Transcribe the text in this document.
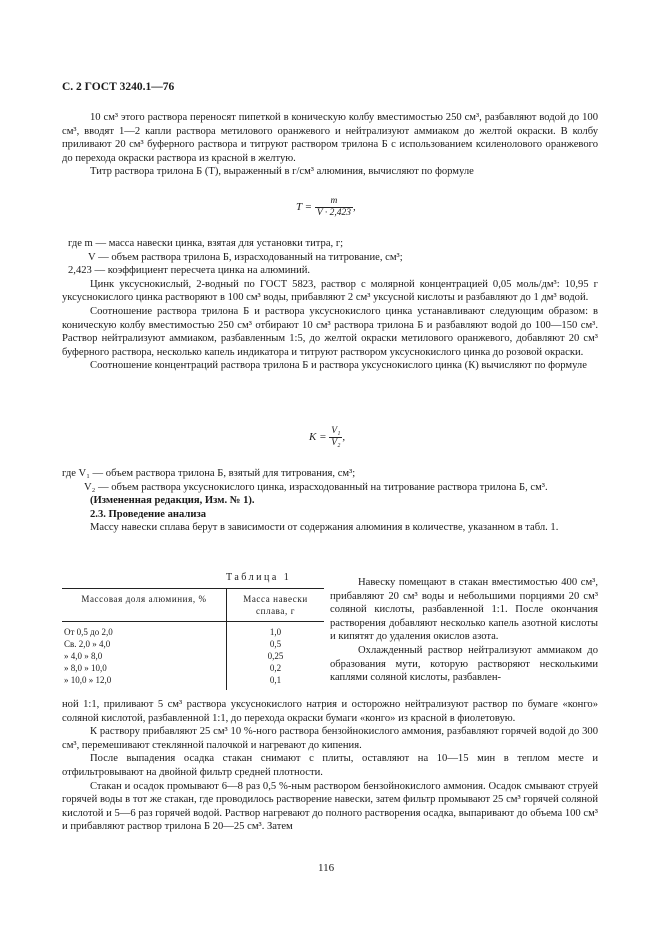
С. 2 ГОСТ 3240.1—76

10 см³ этого раствора переносят пипеткой в коническую колбу вместимостью 250 см³, разбавляют водой до 100 см³, вводят 1—2 капли раствора метилового оранжевого и нейтрализуют аммиаком до желтой окраски. В колбу приливают 20 см³ буферного раствора и титруют раствором трилона Б с использованием ксиленолового оранжевого до перехода окраски раствора из красной в желтую.

Титр раствора трилона Б (Т), выраженный в г/см³ алюминия, вычисляют по формуле

$T = \frac{m}{V \cdot 2,423}$ ,

где m — масса навески цинка, взятая для установки титра, г;

V — объем раствора трилона Б, израсходованный на титрование, см³;

2,423 — коэффициент пересчета цинка на алюминий.

Цинк уксуснокислый, 2-водный по ГОСТ 5823, раствор с молярной концентрацией 0,05 моль/дм³: 10,95 г уксуснокислого цинка растворяют в 100 см³ воды, прибавляют 2 см³ уксусной кислоты и разбавляют до 1 дм³ водой.

Соотношение раствора трилона Б и раствора уксуснокислого цинка устанавливают следующим образом: в коническую колбу вместимостью 250 см³ отбирают 10 см³ раствора трилона Б и разбавляют водой до 100—150 см³. Раствор нейтрализуют аммиаком, разбавленным 1:5, до желтой окраски метилового оранжевого, добавляют 20 см³ буферного раствора, несколько капель индикатора и титруют раствором уксуснокислого цинка до розовой окраски.

Соотношение концентраций раствора трилона Б и раствора уксуснокислого цинка (К) вычисляют по формуле

$K = \frac{\text{V₁}}{\text{V₂}}$ ,

где V₁ — объем раствора трилона Б, взятый для титрования, см³;

V₂ — объем раствора уксуснокислого цинка, израсходованный на титрование раствора трилона Б, см³.

(Измененная редакция, Изм. № 1).

2.3. Проведение анализа

Массу навески сплава берут в зависимости от содержания алюминия в количестве, указанном в табл. 1.

Таблица 1
Массовая доля алюминия, %	Масса навески сплава, г
От 0,5 до 2,0	1,0
Св. 2,0 » 4,0	0,5
» 4,0 » 8,0	0,25
» 8,0 » 10,0	0,2
» 10,0 » 12,0	0,1

Навеску помещают в стакан вместимостью 400 см³, прибавляют 20 см³ воды и небольшими порциями 20 см³ соляной кислоты, разбавленной 1:1. После окончания растворения добавляют несколько капель азотной кислоты и кипятят до удаления окислов азота.

Охлажденный раствор нейтрализуют аммиаком до образования мути, которую растворяют несколькими каплями соляной кислоты, разбавлен-

ной 1:1, приливают 5 см³ раствора уксуснокислого натрия и осторожно нейтрализуют раствор по бумаге «конго» соляной кислотой, разбавленной 1:1, до перехода окраски бумаги «конго» из красной в фиолетовую.

К раствору прибавляют 25 см³ 10 %-ного раствора бензойнокислого аммония, разбавляют горячей водой до 300 см³, перемешивают стеклянной палочкой и нагревают до кипения.

После выпадения осадка стакан снимают с плиты, оставляют на 10—15 мин в теплом месте и отфильтровывают на двойной фильтр средней плотности.

Стакан и осадок промывают 6—8 раз 0,5 %-ным раствором бензойнокислого аммония. Осадок смывают струей горячей воды в тот же стакан, где проводилось растворение навески, затем фильтр промывают 25 см³ горячей соляной кислотой и 5—6 раз горячей водой. Раствор нагревают до полного растворения осадка, выпаривают до объема 100 см³ и прибавляют раствор трилона Б 20—25 см³. Затем

116
